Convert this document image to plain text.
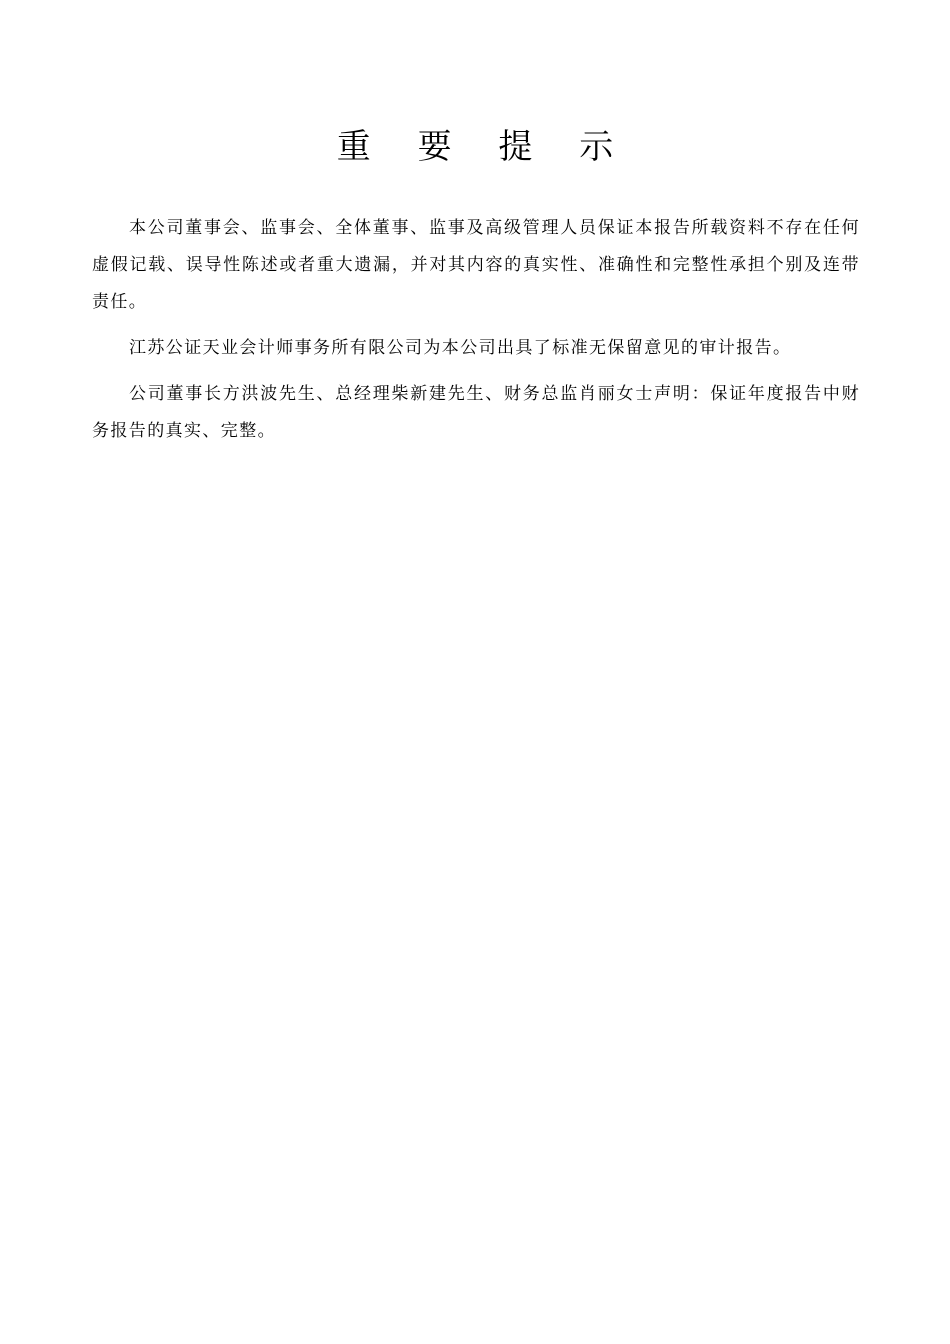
重 要 提 示

本公司董事会、监事会、全体董事、监事及高级管理人员保证本报告所载资料不存在任何虚假记载、误导性陈述或者重大遗漏，并对其内容的真实性、准确性和完整性承担个别及连带责任。

江苏公证天业会计师事务所有限公司为本公司出具了标准无保留意见的审计报告。

公司董事长方洪波先生、总经理柴新建先生、财务总监肖丽女士声明：保证年度报告中财务报告的真实、完整。
